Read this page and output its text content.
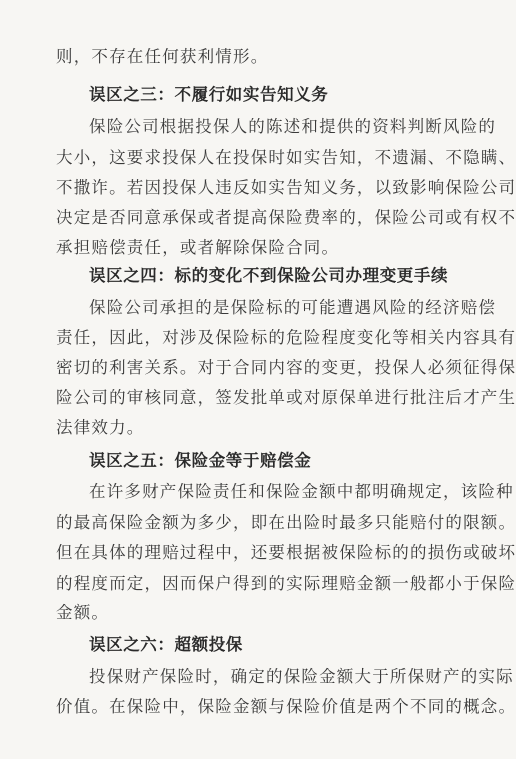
则，不存在任何获利情形。

误区之三：不履行如实告知义务

保险公司根据投保人的陈述和提供的资料判断风险的

大小，这要求投保人在投保时如实告知，不遗漏、不隐瞒、

不撒诈。若因投保人违反如实告知义务，以致影响保险公司

决定是否同意承保或者提高保险费率的，保险公司或有权不

承担赔偿责任，或者解除保险合同。

误区之四：标的变化不到保险公司办理变更手续

保险公司承担的是保险标的可能遭遇风险的经济赔偿

责任，因此，对涉及保险标的危险程度变化等相关内容具有

密切的利害关系。对于合同内容的变更，投保人必须征得保

险公司的审核同意，签发批单或对原保单进行批注后才产生

法律效力。

误区之五：保险金等于赔偿金

在许多财产保险责任和保险金额中都明确规定，该险种

的最高保险金额为多少，即在出险时最多只能赔付的限额。

但在具体的理赔过程中，还要根据被保险标的的损伤或破坏

的程度而定，因而保户得到的实际理赔金额一般都小于保险

金额。

误区之六：超额投保

投保财产保险时，确定的保险金额大于所保财产的实际

价值。在保险中，保险金额与保险价值是两个不同的概念。
